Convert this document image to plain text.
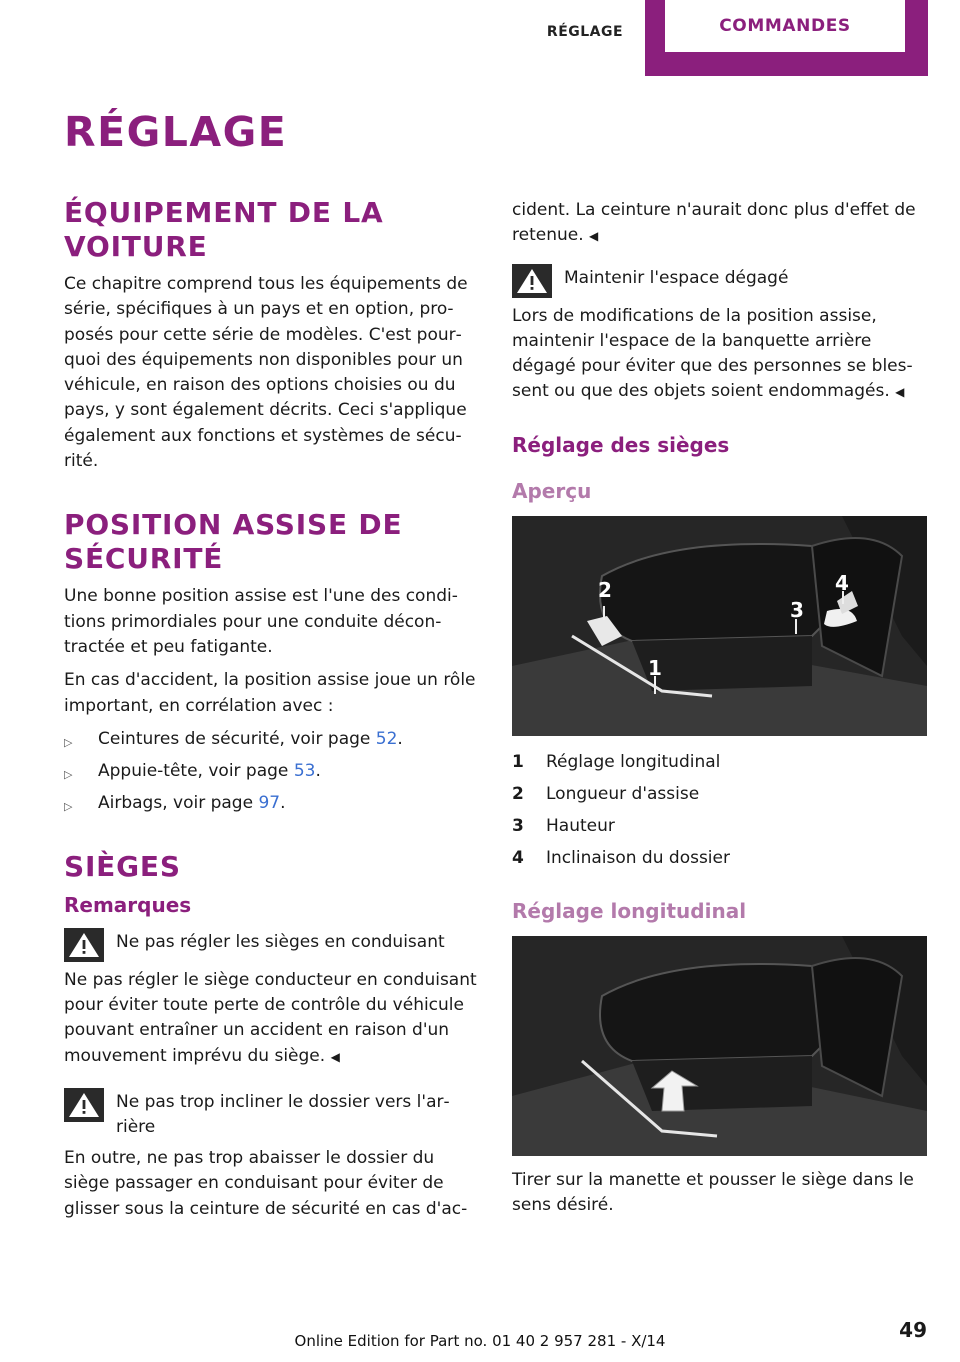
RÉGLAGE	COMMANDES
RÉGLAGE
ÉQUIPEMENT DE LA VOITURE

Ce chapitre comprend tous les équipements de série, spécifiques à un pays et en option, proposés pour cette série de modèles. C'est pourquoi des équipements non disponibles pour un véhicule, en raison des options choisies ou du pays, y sont également décrits. Ceci s'applique également aux fonctions et systèmes de sécurité.

POSITION ASSISE DE SÉCURITÉ

Une bonne position assise est l'une des conditions primordiales pour une conduite décontractée et peu fatigante.

En cas d'accident, la position assise joue un rôle important, en corrélation avec :

▷ Ceintures de sécurité, voir page 52.
▷ Appuie-tête, voir page 53.
▷ Airbags, voir page 97.
SIÈGES
Remarques
Ne pas régler les sièges en conduisant

Ne pas régler le siège conducteur en conduisant pour éviter toute perte de contrôle du véhicule pouvant entraîner un accident en raison d'un mouvement imprévu du siège. ◀

Ne pas trop incliner le dossier vers l'arrière

En outre, ne pas trop abaisser le dossier du siège passager en conduisant pour éviter de glisser sous la ceinture de sécurité en cas d'ac-

cident. La ceinture n'aurait donc plus d'effet de retenue. ◀

Maintenir l'espace dégagé

Lors de modifications de la position assise, maintenir l'espace de la banquette arrière dégagé pour éviter que des personnes se blessent ou que des objets soient endommagés. ◀

Réglage des sièges
Aperçu
1
2
3
4
1	Réglage longitudinal
2	Longueur d'assise
3	Hauteur
4	Inclinaison du dossier
Réglage longitudinal

Tirer sur la manette et pousser le siège dans le sens désiré.

Online Edition for Part no. 01 40 2 957 281 - X/14	49
